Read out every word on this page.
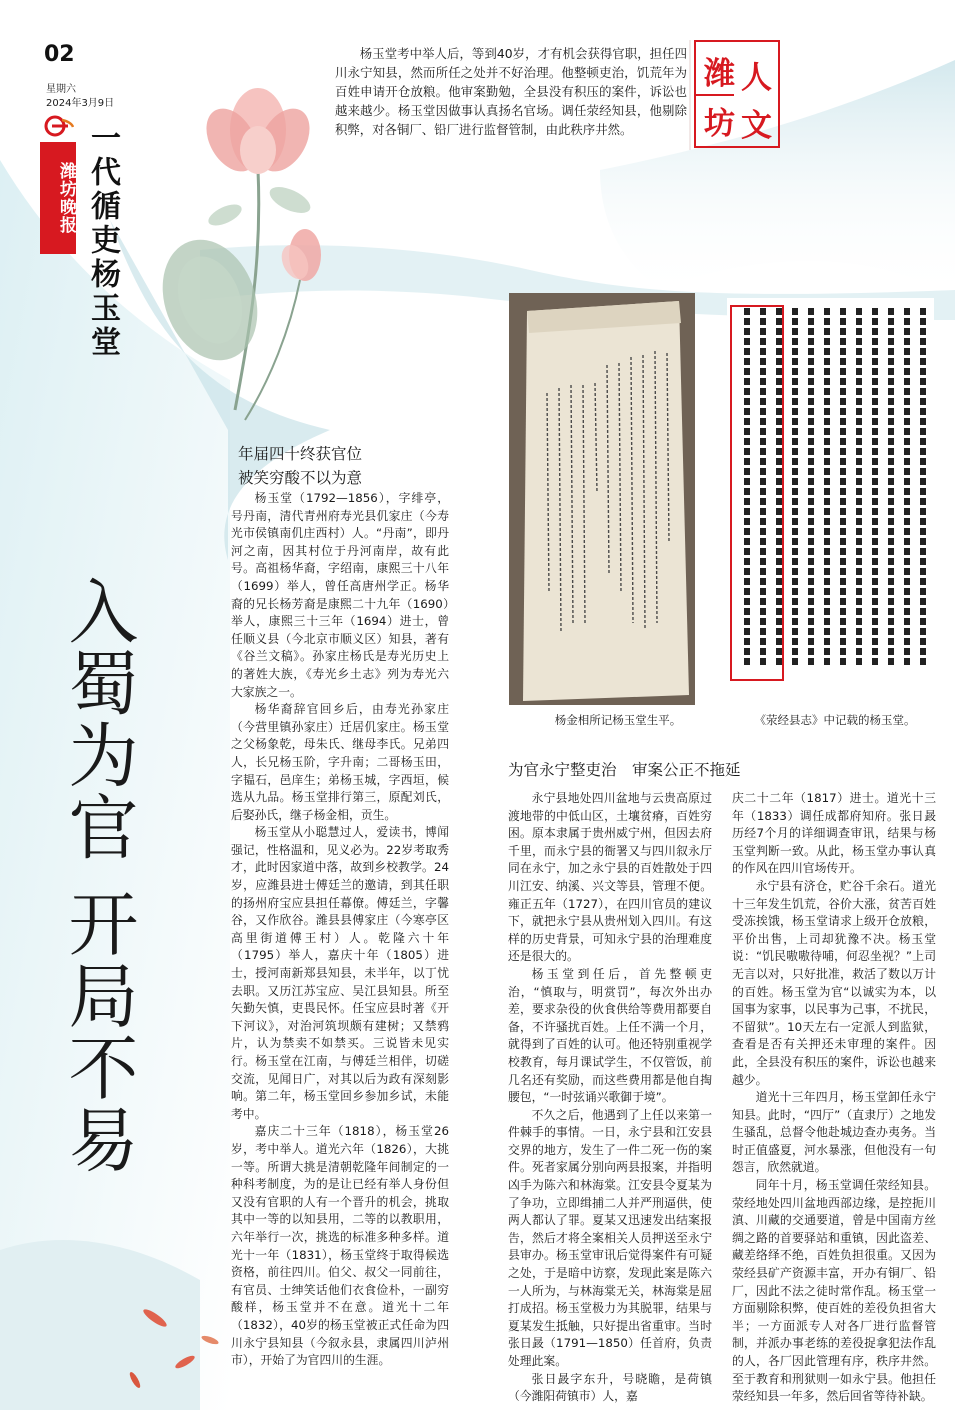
02
星期六
2024年3月9日
潍坊晚报 一代循吏杨玉堂

杨玉堂考中举人后，等到40岁，才有机会获得官职，担任四川永宁知县，然而所任之处并不好治理。他整顿吏治，饥荒年为百姓申请开仓放粮。他审案勤勉，全县没有积压的案件，诉讼也越来越少。杨玉堂因做事认真扬名官场。调任荥经知县，他剔除积弊，对各铜厂、铅厂进行监督管制，由此秩序井然。

潍 人
坊 文
入蜀为官 开局不易
年届四十终获官位
被笑穷酸不以为意

杨玉堂（1792—1856），字绯亭，号丹南，清代青州府寿光县仉家庄（今寿光市侯镇南仉庄西村）人。“丹南”，即丹河之南，因其村位于丹河南岸，故有此号。高祖杨华裔，字绍南，康熙三十八年（1699）举人，曾任高唐州学正。杨华裔的兄长杨芳裔是康熙二十九年（1690）举人，康熙三十三年（1694）进士，曾任顺义县（今北京市顺义区）知县，著有《谷兰文稿》。孙家庄杨氏是寿光历史上的著姓大族，《寿光乡土志》列为寿光六大家族之一。

杨华裔辞官回乡后，由寿光孙家庄（今营里镇孙家庄）迁居仉家庄。杨玉堂之父杨象乾，母朱氏、继母李氏。兄弟四人，长兄杨玉阶，字升南；二哥杨玉田，字韫石，邑庠生；弟杨玉城，字西垣，候选从九品。杨玉堂排行第三，原配刘氏，后娶孙氏，继子杨金相，贡生。

杨玉堂从小聪慧过人，爱读书，博闻强记，性格温和，见义必为。22岁考取秀才，此时因家道中落，故到乡校教学。24岁，应潍县进士傅廷兰的邀请，到其任职的扬州府宝应县担任幕僚。傅廷兰，字馨谷，又作欣谷。潍县县傅家庄（今寒亭区高里街道傅王村）人。乾隆六十年（1795）举人，嘉庆十年（1805）进士，授河南新郑县知县，未半年，以丁忧去职。又历江苏宝应、吴江县知县。所至矢勤矢慎，吏畏民怀。任宝应县时著《开下河议》，对治河筑坝颇有建树；又禁鸦片，认为禁卖不如禁买。三说皆未见实行。杨玉堂在江南，与傅廷兰相伴，切磋交流，见闻日广，对其以后为政有深刻影响。第二年，杨玉堂回乡参加乡试，未能考中。

嘉庆二十三年（1818），杨玉堂26岁，考中举人。道光六年（1826），大挑一等。所谓大挑是清朝乾隆年间制定的一种科考制度，为的是让已经有举人身份但又没有官职的人有一个晋升的机会，挑取其中一等的以知县用，二等的以教职用，六年举行一次，挑选的标准多种多样。道光十一年（1831），杨玉堂终于取得候选资格，前往四川。伯父、叔父一同前往，有官员、士绅笑话他们衣食俭朴，一副穷酸样，杨玉堂并不在意。道光十二年（1832），40岁的杨玉堂被正式任命为四川永宁县知县（今叙永县，隶属四川泸州市），开始了为官四川的生涯。

杨金相所记杨玉堂生平。	《荥经县志》中记载的杨玉堂。
为官永宁整吏治　审案公正不拖延

永宁县地处四川盆地与云贵高原过渡地带的中低山区，土壤贫瘠，百姓穷困。原本隶属于贵州威宁州，但因去府千里，而永宁县的衙署又与四川叙永厅同在永宁，加之永宁县的百姓散处于四川江安、纳溪、兴文等县，管理不便。雍正五年（1727），在四川官员的建议下，就把永宁县从贵州划入四川。有这样的历史背景，可知永宁县的治理难度还是很大的。

杨玉堂到任后，首先整顿吏治，“慎取与，明赏罚”，每次外出办差，要求杂役的伙食供给等费用都要自备，不许骚扰百姓。上任不满一个月，就得到了百姓的认可。他还特别重视学校教育，每月课试学生，不仅管饭，前几名还有奖励，而这些费用都是他自掏腰包，“一时弦诵兴歌御于境”。

不久之后，他遇到了上任以来第一件棘手的事情。一日，永宁县和江安县交界的地方，发生了一件二死一伤的案件。死者家属分别向两县报案，并指明凶手为陈六和林海棠。江安县令夏某为了争功，立即缉捕二人并严刑逼供，使两人都认了罪。夏某又迅速发出结案报告，然后才将全案相关人员押送至永宁县审办。杨玉堂审讯后觉得案件有可疑之处，于是暗中访察，发现此案是陈六一人所为，与林海棠无关，林海棠是屈打成招。杨玉堂极力为其脱罪，结果与夏某发生抵触，只好提出省重审。当时张日晸（1791—1850）任首府，负责处理此案。

张日晸字东升，号晓瞻，是荷镇（今潍阳荷镇市）人，嘉

庆二十二年（1817）进士。道光十三年（1833）调任成都府知府。张日晸历经7个月的详细调查审讯，结果与杨玉堂判断一致。从此，杨玉堂办事认真的作风在四川官场传开。

永宁县有济仓，贮谷千余石。道光十三年发生饥荒，谷价大涨，贫苦百姓受冻挨饿，杨玉堂请求上级开仓放粮，平价出售，上司却犹豫不决。杨玉堂说：“饥民嗷嗷待哺，何忍坐视？”上司无言以对，只好批准，救活了数以万计的百姓。杨玉堂为官“以诚实为本，以国事为家事，以民事为己事，不扰民，不留狱”。10天左右一定派人到监狱，查看是否有关押还未审理的案件。因此，全县没有积压的案件，诉讼也越来越少。

道光十三年四月，杨玉堂卸任永宁知县。此时，“四厅”（直隶厅）之地发生骚乱，总督令他赴城边查办夷务。当时正值盛夏，河水暴涨，但他没有一句怨言，欣然就道。

同年十月，杨玉堂调任荥经知县。荥经地处四川盆地西部边缘，是控扼川滇、川藏的交通要道，曾是中国南方丝绸之路的首要驿站和重镇，因此盗差、藏差络绎不绝，百姓负担很重。又因为荥经县矿产资源丰富，开办有铜厂、铅厂，因此不法之徒时常作乱。杨玉堂一方面剔除积弊，使百姓的差役负担省大半；一方面派专人对各厂进行监督管制，并派办事老练的差役捉拿犯法作乱的人，各厂因此管理有序，秩序井然。至于教育和刑狱则一如永宁县。他担任荥经知县一年多，然后回省等待补缺。
